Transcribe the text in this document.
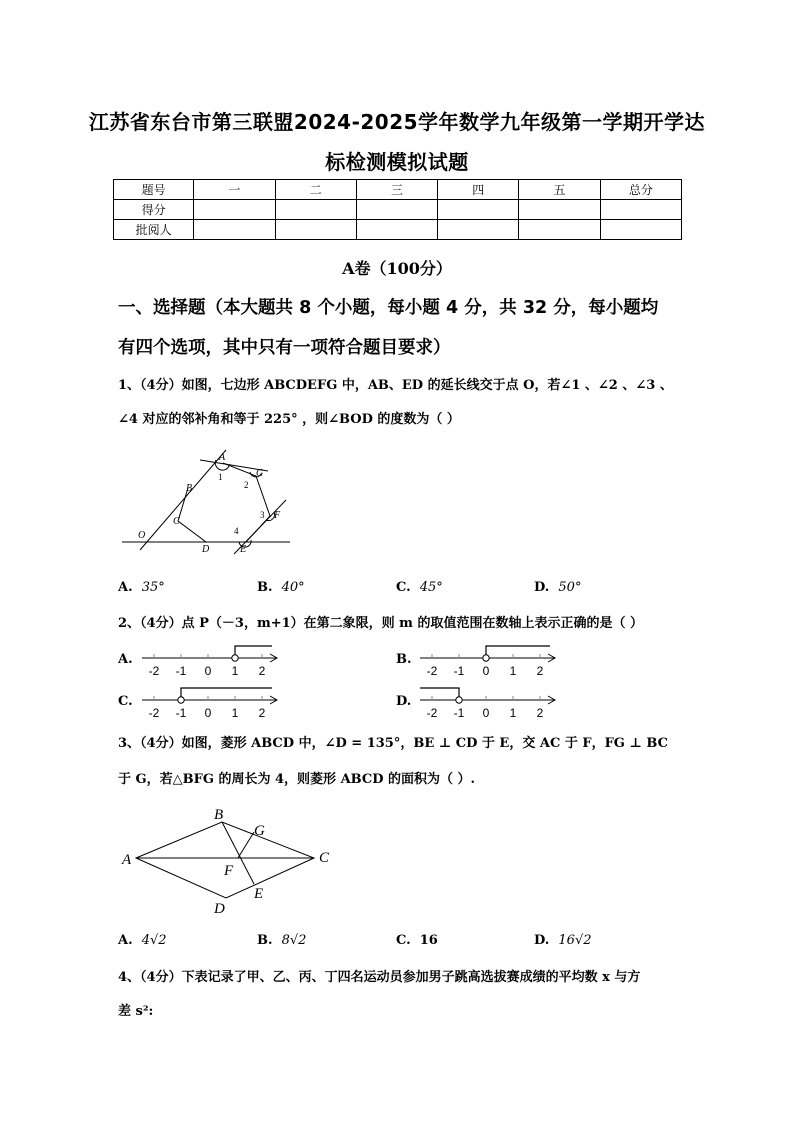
江苏省东台市第三联盟2024-2025学年数学九年级第一学期开学达
标检测模拟试题
题号	一	二	三	四	五	总分
得分						
批阅人						
A卷（100分）
一、选择题（本大题共 8 个小题，每小题 4 分，共 32 分，每小题均
有四个选项，其中只有一项符合题目要求）
1、（4分）如图，七边形 ABCDEFG 中，AB、ED 的延长线交于点 O，若∠1 、∠2 、∠3 、
∠4 对应的邻补角和等于 225° ，则∠BOD 的度数为（ ）
A
G
B
C
D	E
F
O
1
2
3
4
A. 35°	B. 40°	C. 45°	D. 50°
2、（4分）点 P（－3，m+1）在第二象限，则 m 的取值范围在数轴上表示正确的是（ ）
A.	B.
C.	D.
-2 -1 0 1 2	-2 -1 0 1 2
-2 -1 0 1 2	-2 -1 0 1 2
3、（4分）如图，菱形 ABCD 中，∠D = 135°，BE ⊥ CD 于 E，交 AC 于 F，FG ⊥ BC
于 G，若△BFG 的周长为 4，则菱形 ABCD 的面积为（ ）.
A
B
C
D
E
F
G
A. 4√2	B. 8√2	C. 16	D. 16√2
4、（4分）下表记录了甲、乙、丙、丁四名运动员参加男子跳高选拔赛成绩的平均数 x 与方
差 s²:
